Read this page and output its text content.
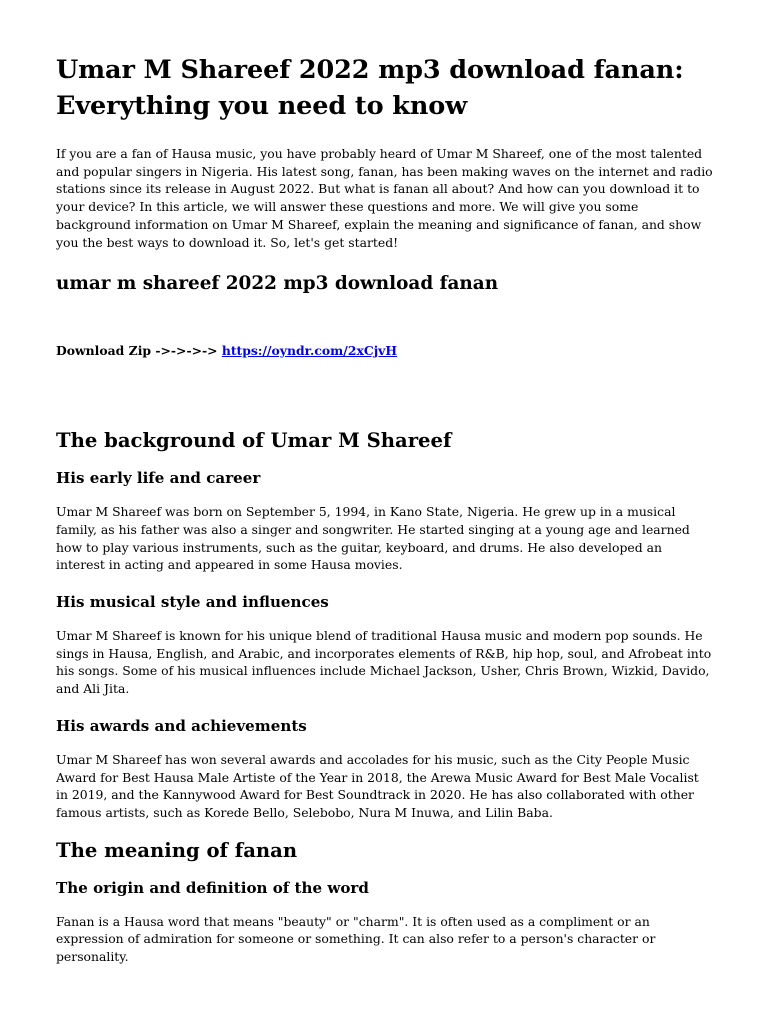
Umar M Shareef 2022 mp3 download fanan: Everything you need to know

If you are a fan of Hausa music, you have probably heard of Umar M Shareef, one of the most talented and popular singers in Nigeria. His latest song, fanan, has been making waves on the internet and radio stations since its release in August 2022. But what is fanan all about? And how can you download it to your device? In this article, we will answer these questions and more. We will give you some background information on Umar M Shareef, explain the meaning and significance of fanan, and show you the best ways to download it. So, let's get started!

umar m shareef 2022 mp3 download fanan
Download Zip ->->->-> https://oyndr.com/2xCjvH
The background of Umar M Shareef
His early life and career

Umar M Shareef was born on September 5, 1994, in Kano State, Nigeria. He grew up in a musical family, as his father was also a singer and songwriter. He started singing at a young age and learned how to play various instruments, such as the guitar, keyboard, and drums. He also developed an interest in acting and appeared in some Hausa movies.

His musical style and influences

Umar M Shareef is known for his unique blend of traditional Hausa music and modern pop sounds. He sings in Hausa, English, and Arabic, and incorporates elements of R&B, hip hop, soul, and Afrobeat into his songs. Some of his musical influences include Michael Jackson, Usher, Chris Brown, Wizkid, Davido, and Ali Jita.

His awards and achievements

Umar M Shareef has won several awards and accolades for his music, such as the City People Music Award for Best Hausa Male Artiste of the Year in 2018, the Arewa Music Award for Best Male Vocalist in 2019, and the Kannywood Award for Best Soundtrack in 2020. He has also collaborated with other famous artists, such as Korede Bello, Selebobo, Nura M Inuwa, and Lilin Baba.

The meaning of fanan
The origin and definition of the word

Fanan is a Hausa word that means "beauty" or "charm". It is often used as a compliment or an expression of admiration for someone or something. It can also refer to a person's character or personality.
